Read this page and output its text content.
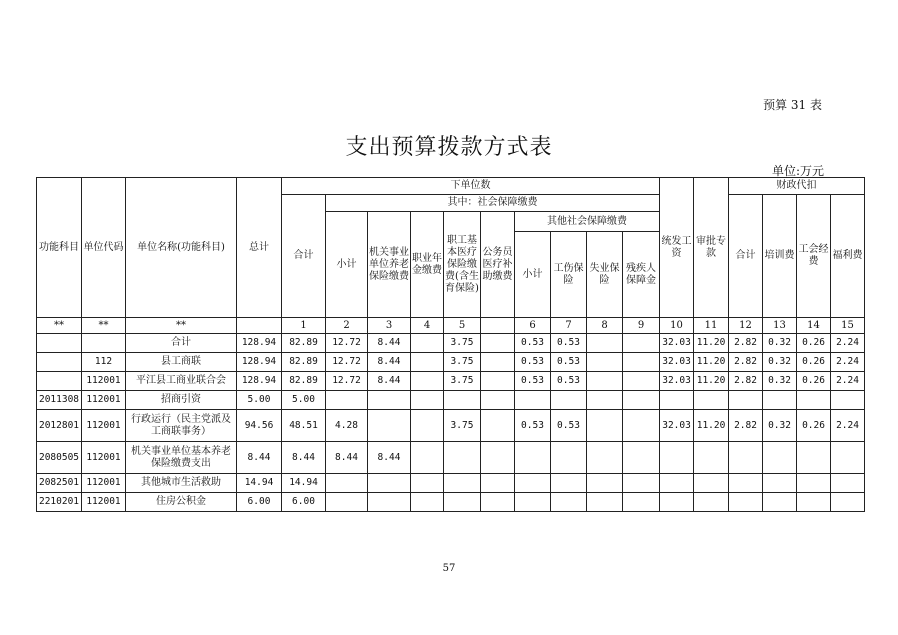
预算 31 表
支出预算拨款方式表
单位:万元
功能科目	单位代码	单位名称(功能科目)	总计	下单位数										统发工资	审批专款	财政代扣			
				合计	其中：社会保障缴费											合计	培训费	工会经费	福利费
					小计	机关事业单位养老保险缴费	职业年金缴费	职工基本医疗保险缴费(含生育保险)	公务员医疗补助缴费	其他社会保障缴费									
										小计	工伤保险	失业保险	残疾人保障金						

**	**	**		1	2	3	4	5		6	7	8	9	10	11	12	13	14	15
		合计	128.94	82.89	12.72	8.44		3.75		0.53	0.53			32.03	11.20	2.82	0.32	0.26	2.24
	112	县工商联	128.94	82.89	12.72	8.44		3.75		0.53	0.53			32.03	11.20	2.82	0.32	0.26	2.24
	112001	平江县工商业联合会	128.94	82.89	12.72	8.44		3.75		0.53	0.53			32.03	11.20	2.82	0.32	0.26	2.24
2011308	112001	招商引资	5.00	5.00															
2012801	112001	行政运行（民主党派及工商联事务）	94.56	48.51	4.28			3.75		0.53	0.53			32.03	11.20	2.82	0.32	0.26	2.24
2080505	112001	机关事业单位基本养老保险缴费支出	8.44	8.44	8.44	8.44													
2082501	112001	其他城市生活救助	14.94	14.94															
2210201	112001	住房公积金	6.00	6.00															
57
